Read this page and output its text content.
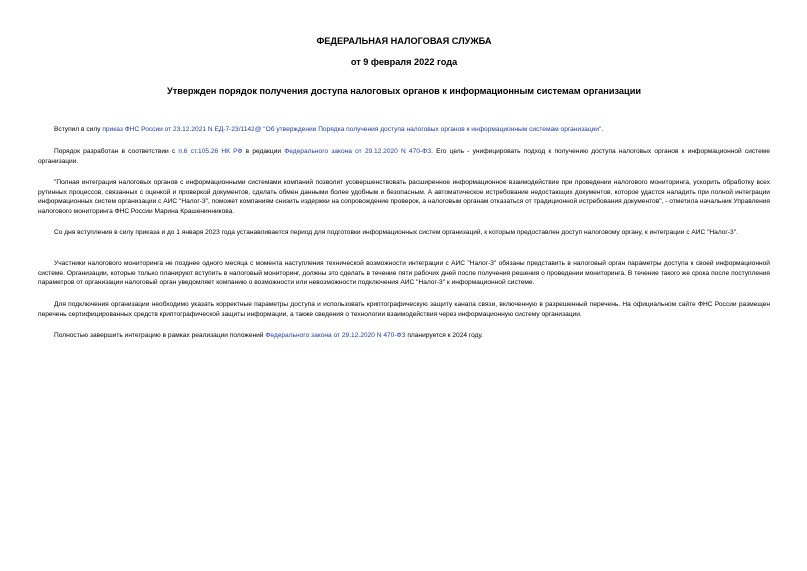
ФЕДЕРАЛЬНАЯ НАЛОГОВАЯ СЛУЖБА
от 9 февраля 2022 года
Утвержден порядок получения доступа налоговых органов к информационным системам организации

Вступил в силу приказ ФНС России от 23.12.2021 N ЕД-7-23/1142@ "Об утверждении Порядка получения доступа налоговых органов к информационным системам организации".

Порядок разработан в соответствии с п.6 ст.105.26 НК РФ в редакции Федерального закона от 29.12.2020 N 470-ФЗ. Его цель - унифицировать подход к получению доступа налоговых органов к информационной системе организации.

"Полная интеграция налоговых органов с информационными системами компаний позволит усовершенствовать расширенное информационное взаимодействие при проведении налогового мониторинга, ускорить обработку всех рутинных процессов, связанных с оценкой и проверкой документов, сделать обмен данными более удобным и безопасным. А автоматическое истребование недостающих документов, которое удастся наладить при полной интеграции информационных систем организации с АИС "Налог-3", поможет компаниям снизить издержки на сопровождение проверок, а налоговым органам отказаться от традиционной истребования документов", - отметила начальник Управления налогового мониторинга ФНС России Марина Крашенинникова.

Со дня вступления в силу приказа и до 1 января 2023 года устанавливается период для подготовки информационных систем организаций, к которым предоставлен доступ налоговому органу, к интеграции с АИС "Налог-3".

Участники налогового мониторинга не позднее одного месяца с момента наступления технической возможности интеграции с АИС "Налог-3" обязаны представить в налоговый орган параметры доступа к своей информационной системе. Организации, которые только планируют вступить в налоговый мониторинг, должны это сделать в течение пяти рабочих дней после получения решения о проведении мониторинга. В течение такого же срока после поступления параметров от организации налоговый орган уведомляет компанию о возможности или невозможности подключения АИС "Налог-3" к информационной системе.

Для подключения организации необходимо указать корректные параметры доступа и использовать криптографическую защиту канала связи, включенную в разрешенный перечень. На официальном сайте ФНС России размещен перечень сертифицированных средств криптографической защиты информации, а также сведения о технологии взаимодействия через информационную систему организации.

Полностью завершить интеграцию в рамках реализации положений Федерального закона от 29.12.2020 N 470-ФЗ планируется к 2024 году.
